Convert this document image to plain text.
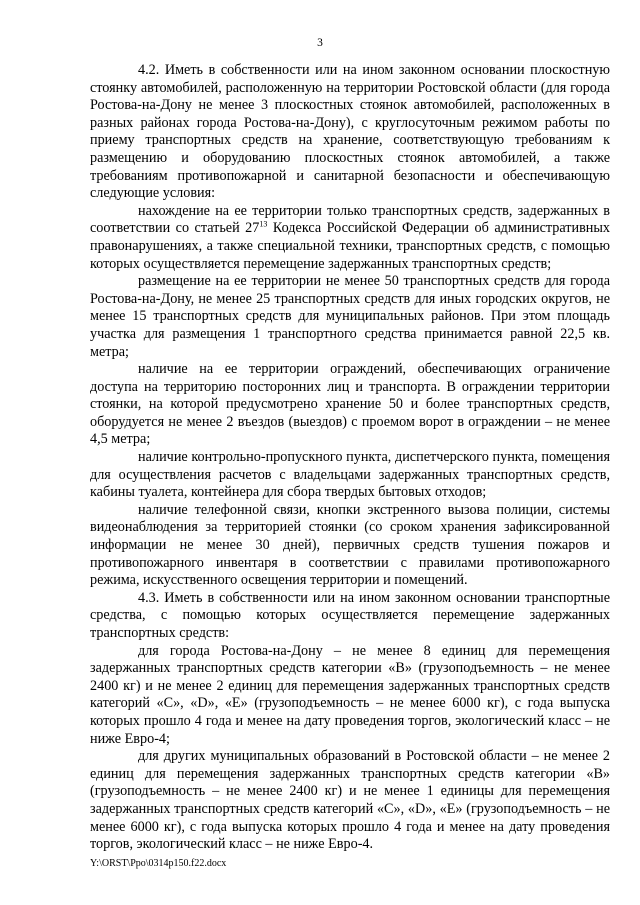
3

4.2. Иметь в собственности или на ином законном основании плоскостную стоянку автомобилей, расположенную на территории Ростовской области (для города Ростова-на-Дону не менее 3 плоскостных стоянок автомобилей, расположенных в разных районах города Ростова-на-Дону), с круглосуточным режимом работы по приему транспортных средств на хранение, соответствующую требованиям к размещению и оборудованию плоскостных стоянок автомобилей, а также требованиям противопожарной и санитарной безопасности и обеспечивающую следующие условия:

нахождение на ее территории только транспортных средств, задержанных в соответствии со статьей $27^{13}$ Кодекса Российской Федерации об административных правонарушениях, а также специальной техники, транспортных средств, с помощью которых осуществляется перемещение задержанных транспортных средств;

размещение на ее территории не менее 50 транспортных средств для города Ростова-на-Дону, не менее 25 транспортных средств для иных городских округов, не менее 15 транспортных средств для муниципальных районов. При этом площадь участка для размещения 1 транспортного средства принимается равной 22,5 кв. метра;

наличие на ее территории ограждений, обеспечивающих ограничение доступа на территорию посторонних лиц и транспорта. В ограждении территории стоянки, на которой предусмотрено хранение 50 и более транспортных средств, оборудуется не менее 2 въездов (выездов) с проемом ворот в ограждении – не менее 4,5 метра;

наличие контрольно-пропускного пункта, диспетчерского пункта, помещения для осуществления расчетов с владельцами задержанных транспортных средств, кабины туалета, контейнера для сбора твердых бытовых отходов;

наличие телефонной связи, кнопки экстренного вызова полиции, системы видеонаблюдения за территорией стоянки (со сроком хранения зафиксированной информации не менее 30 дней), первичных средств тушения пожаров и противопожарного инвентаря в соответствии с правилами противопожарного режима, искусственного освещения территории и помещений.

4.3. Иметь в собственности или на ином законном основании транспортные средства, с помощью которых осуществляется перемещение задержанных транспортных средств:

для города Ростова-на-Дону – не менее 8 единиц для перемещения задержанных транспортных средств категории «В» (грузоподъемность – не менее 2400 кг) и не менее 2 единиц для перемещения задержанных транспортных средств категорий «С», «D», «Е» (грузоподъемность – не менее 6000 кг), с года выпуска которых прошло 4 года и менее на дату проведения торгов, экологический класс – не ниже Евро-4;

для других муниципальных образований в Ростовской области – не менее 2 единиц для перемещения задержанных транспортных средств категории «В» (грузоподъемность – не менее 2400 кг) и не менее 1 единицы для перемещения задержанных транспортных средств категорий «С», «D», «Е» (грузоподъемность – не менее 6000 кг), с года выпуска которых прошло 4 года и менее на дату проведения торгов, экологический класс – не ниже Евро-4.

Y:\ORST\Ppo\0314p150.f22.docx
